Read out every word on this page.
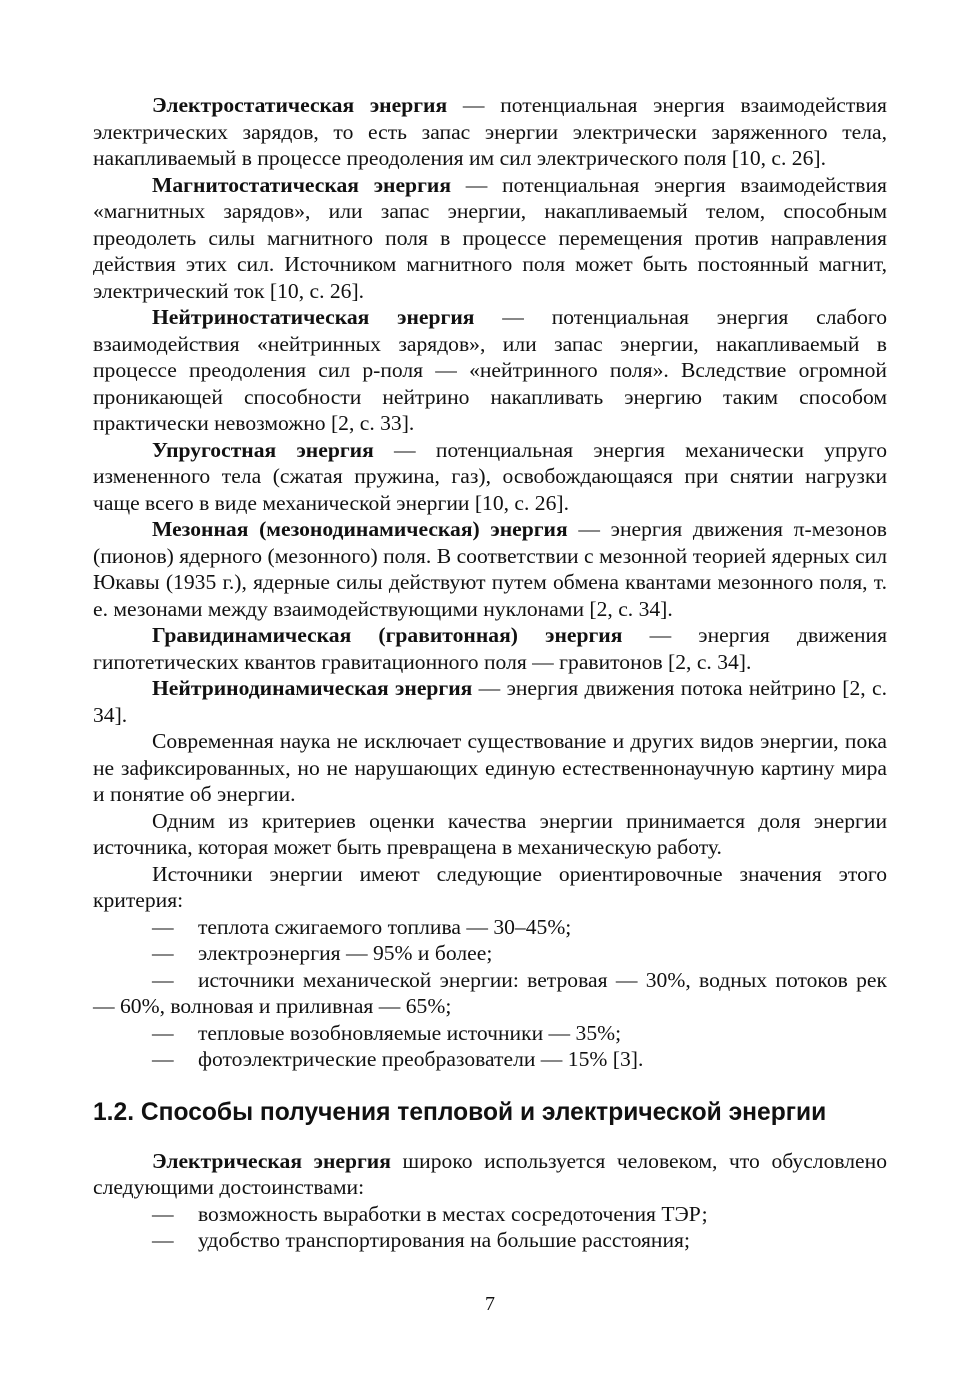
Электростатическая энергия — потенциальная энергия взаимодействия электрических зарядов, то есть запас энергии электрически заряженного тела, накапливаемый в процессе преодоления им сил электрического поля [10, с. 26].

Магнитостатическая энергия — потенциальная энергия взаимодействия «магнитных зарядов», или запас энергии, накапливаемый телом, способным преодолеть силы магнитного поля в процессе перемещения против направления действия этих сил. Источником магнитного поля может быть постоянный магнит, электрический ток [10, с. 26].

Нейтриностатическая энергия — потенциальная энергия слабого взаимодействия «нейтринных зарядов», или запас энергии, накапливаемый в процессе преодоления сил p-поля — «нейтринного поля». Вследствие огромной проникающей способности нейтрино накапливать энергию таким способом практически невозможно [2, с. 33].

Упругостная энергия — потенциальная энергия механически упруго измененного тела (сжатая пружина, газ), освобождающаяся при снятии нагрузки чаще всего в виде механической энергии [10, с. 26].

Мезонная (мезонодинамическая) энергия — энергия движения π-мезонов (пионов) ядерного (мезонного) поля. В соответствии с мезонной теорией ядерных сил Юкавы (1935 г.), ядерные силы действуют путем обмена квантами мезонного поля, т. е. мезонами между взаимодействующими нуклонами [2, с. 34].

Гравидинамическая (гравитонная) энергия — энергия движения гипотетических квантов гравитационного поля — гравитонов [2, с. 34].

Нейтринодинамическая энергия — энергия движения потока нейтрино [2, с. 34].

Современная наука не исключает существование и других видов энергии, пока не зафиксированных, но не нарушающих единую естественнонаучную картину мира и понятие об энергии.

Одним из критериев оценки качества энергии принимается доля энергии источника, которая может быть превращена в механическую работу.

Источники энергии имеют следующие ориентировочные значения этого критерия:

— теплота сжигаемого топлива — 30–45%;

— электроэнергия — 95% и более;

— источники механической энергии: ветровая — 30%, водных потоков рек — 60%, волновая и приливная — 65%;

— тепловые возобновляемые источники — 35%;

— фотоэлектрические преобразователи — 15% [3].

1.2. Способы получения тепловой и электрической энергии

Электрическая энергия широко используется человеком, что обусловлено следующими достоинствами:

— возможность выработки в местах сосредоточения ТЭР;

— удобство транспортирования на большие расстояния;

7
